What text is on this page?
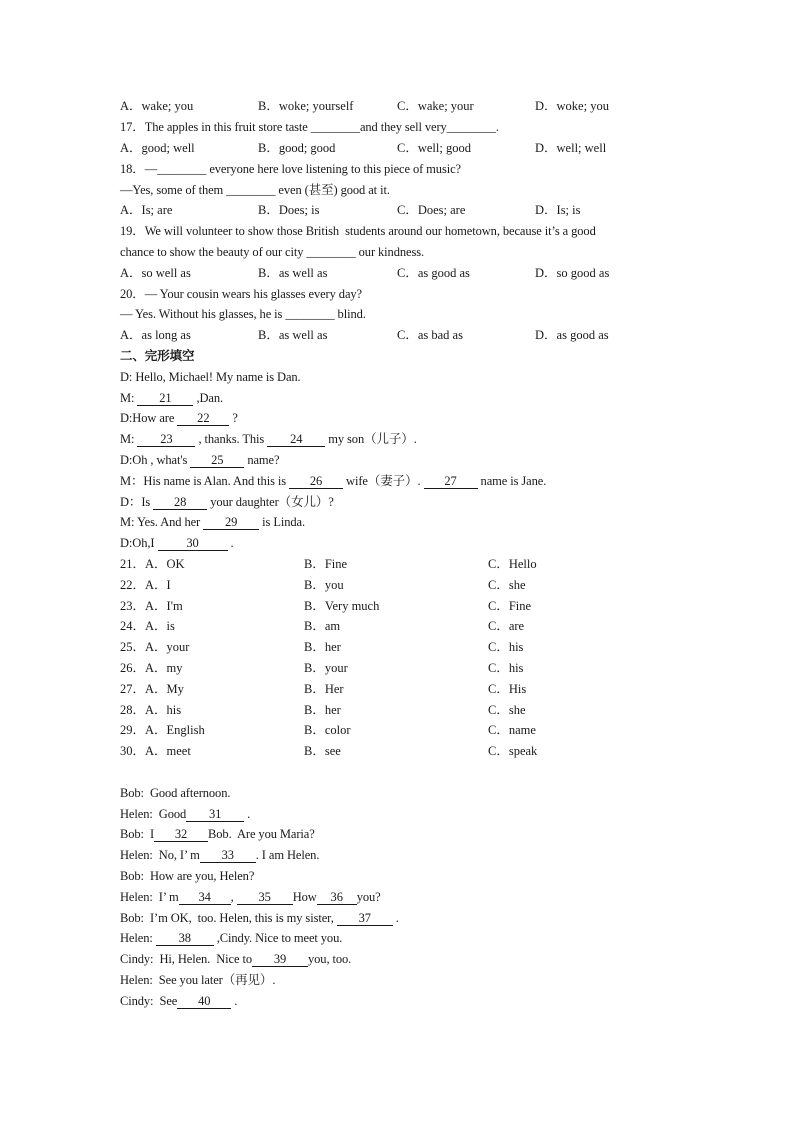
A．wake; you	B．woke; yourself	C．wake; your	D．woke; you
17．The apples in this fruit store taste ________and they sell very________.
A．good; well	B．good; good	C．well; good	D．well; well
18．—________ everyone here love listening to this piece of music?
—Yes, some of them ________ even (甚至) good at it.
A．Is; are	B．Does; is	C．Does; are	D．Is; is
19．We will volunteer to show those British  students around our hometown, because it’s a good
chance to show the beauty of our city ________ our kindness.
A．so well as	B．as well as	C．as good as	D．so good as
20．— Your cousin wears his glasses every day?
— Yes. Without his glasses, he is ________ blind.
A．as long as	B．as well as	C．as bad as	D．as good as
二、完形填空
D: Hello, Michael! My name is Dan.
M: 21 ,Dan.
D:How are 22 ?
M: 23 , thanks. This 24 my son（儿子）.
D:Oh , what's 25 name?
M：His name is Alan. And this is 26 wife（妻子）. 27 name is Jane.
D：Is 28 your daughter（女儿）?
M: Yes. And her 29 is Linda.
D:Oh,I 30 .
21．A．OK	B．Fine	C．Hello
22．A．I	B．you	C．she
23．A．I'm	B．Very much	C．Fine
24．A．is	B．am	C．are
25．A．your	B．her	C．his
26．A．my	B．your	C．his
27．A．My	B．Her	C．His
28．A．his	B．her	C．she
29．A．English	B．color	C．name
30．A．meet	B．see	C．speak
Bob:  Good afternoon.
Helen:  Good 31 .
Bob:  I 32 Bob.  Are you Maria?
Helen:  No, I’ m 33 . I am Helen.
Bob:  How are you, Helen?
Helen:  I’ m 34 , 35 How 36 you?
Bob:  I’m OK,  too. Helen, this is my sister, 37 .
Helen: 38 ,Cindy. Nice to meet you.
Cindy:  Hi, Helen.  Nice to 39 you, too.
Helen:  See you later（再见）.
Cindy:  See 40 .
